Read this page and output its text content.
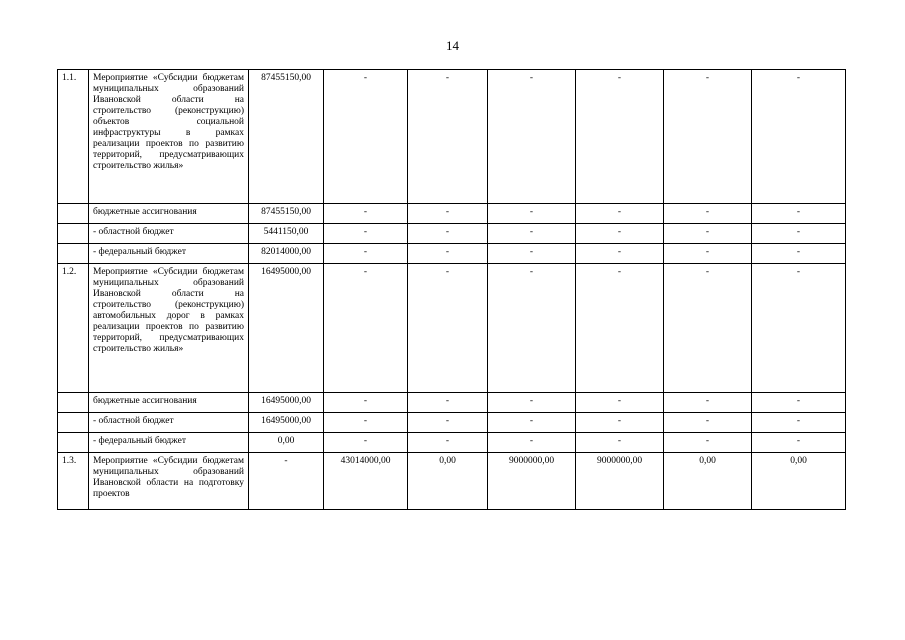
14
1.1.	Мероприятие «Субсидии бюджетам муниципальных образований Ивановской области на строительство (реконструкцию) объектов социальной инфраструктуры в рамках реализации проектов по развитию территорий, предусматривающих строительство жилья»	87455150,00	-	-	-	-	-	-
	бюджетные ассигнования	87455150,00	-	-	-	-	-	-
	- областной бюджет	5441150,00	-	-	-	-	-	-
	- федеральный бюджет	82014000,00	-	-	-	-	-	-
1.2.	Мероприятие «Субсидии бюджетам муниципальных образований Ивановской области на строительство (реконструкцию) автомобильных дорог в рамках реализации проектов по развитию территорий, предусматривающих строительство жилья»	16495000,00	-	-	-	-	-	-
	бюджетные ассигнования	16495000,00	-	-	-	-	-	-
	- областной бюджет	16495000,00	-	-	-	-	-	-
	- федеральный бюджет	0,00	-	-	-	-	-	-
1.3.	Мероприятие «Субсидии бюджетам муниципальных образований Ивановской области на подготовку проектов	-	43014000,00	0,00	9000000,00	9000000,00	0,00	0,00
